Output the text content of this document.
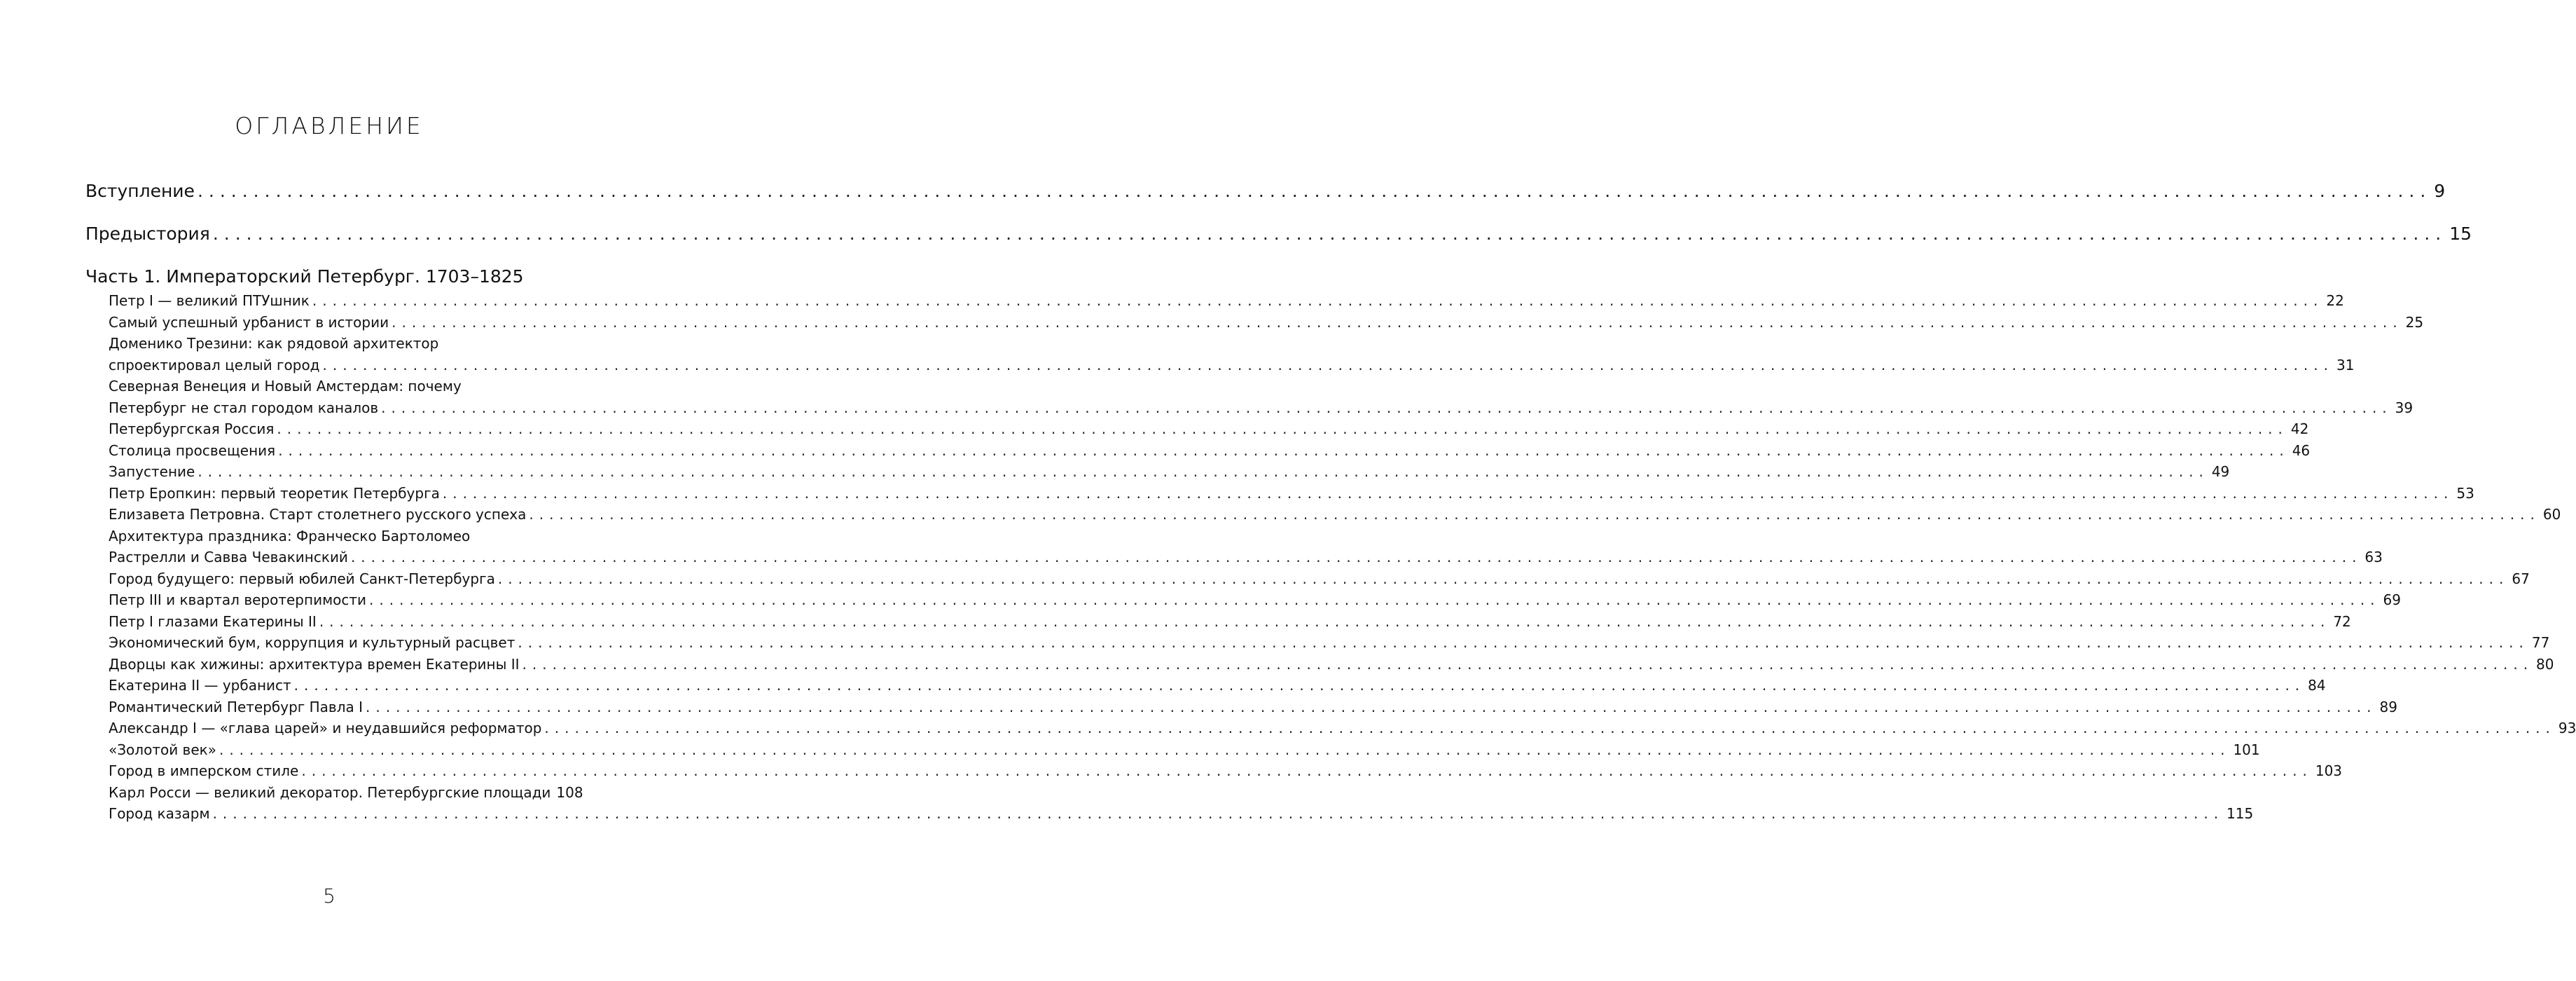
ОГЛАВЛЕНИЕ
Вступление ........................................................................................................................................................................................................ 9
Предыстория ........................................................................................................................................................................................................ 15
Часть 1. Императорский Петербург. 1703–1825
Петр I — великий ПТУшник ........................................................................................................................................................................................................ 22
Самый успешный урбанист в истории ........................................................................................................................................................................................................ 25
Доменико Трезини: как рядовой архитектор
спроектировал целый город ........................................................................................................................................................................................................ 31
Северная Венеция и Новый Амстердам: почему
Петербург не стал городом каналов ........................................................................................................................................................................................................ 39
Петербургская Россия ........................................................................................................................................................................................................ 42
Столица просвещения ........................................................................................................................................................................................................ 46
Запустение ........................................................................................................................................................................................................ 49
Петр Еропкин: первый теоретик Петербурга ........................................................................................................................................................................................................ 53
Елизавета Петровна. Старт столетнего русского успеха ........................................................................................................................................................................................................ 60
Архитектура праздника: Франческо Бартоломео
Растрелли и Савва Чевакинский ........................................................................................................................................................................................................ 63
Город будущего: первый юбилей Санкт-Петербурга ........................................................................................................................................................................................................ 67
Петр III и квартал веротерпимости ........................................................................................................................................................................................................ 69
Петр I глазами Екатерины II ........................................................................................................................................................................................................ 72
Экономический бум, коррупция и культурный расцвет ........................................................................................................................................................................................................ 77
Дворцы как хижины: архитектура времен Екатерины II ........................................................................................................................................................................................................ 80
Екатерина II — урбанист ........................................................................................................................................................................................................ 84
Романтический Петербург Павла I ........................................................................................................................................................................................................ 89
Александр I — «глава царей» и неудавшийся реформатор ........................................................................................................................................................................................................ 93
«Золотой век» ........................................................................................................................................................................................................ 101
Город в имперском стиле ........................................................................................................................................................................................................ 103
Карл Росси — великий декоратор. Петербургские площади 108
Город казарм ........................................................................................................................................................................................................ 115
5
